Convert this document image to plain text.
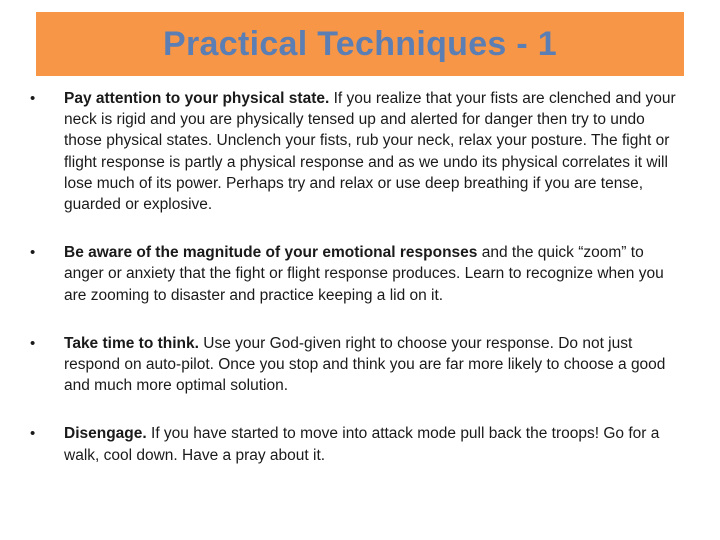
Practical Techniques - 1
•	Pay attention to your physical state. If you realize that your fists are clenched and your neck is rigid and you are physically tensed up and alerted for danger then try to undo those physical states. Unclench your fists, rub your neck, relax your posture. The fight or flight response is partly a physical response and as we undo its physical correlates it will lose much of its power. Perhaps try and relax or use deep breathing if you are tense, guarded or explosive.
•	Be aware of the magnitude of your emotional responses and the quick “zoom” to anger or anxiety that the fight or flight response produces. Learn to recognize when you are zooming to disaster and practice keeping a lid on it.
•	Take time to think. Use your God-given right to choose your response. Do not just respond on auto-pilot. Once you stop and think you are far more likely to choose a good and much more optimal solution.
•	Disengage. If you have started to move into attack mode pull back the troops! Go for a walk, cool down. Have a pray about it.
